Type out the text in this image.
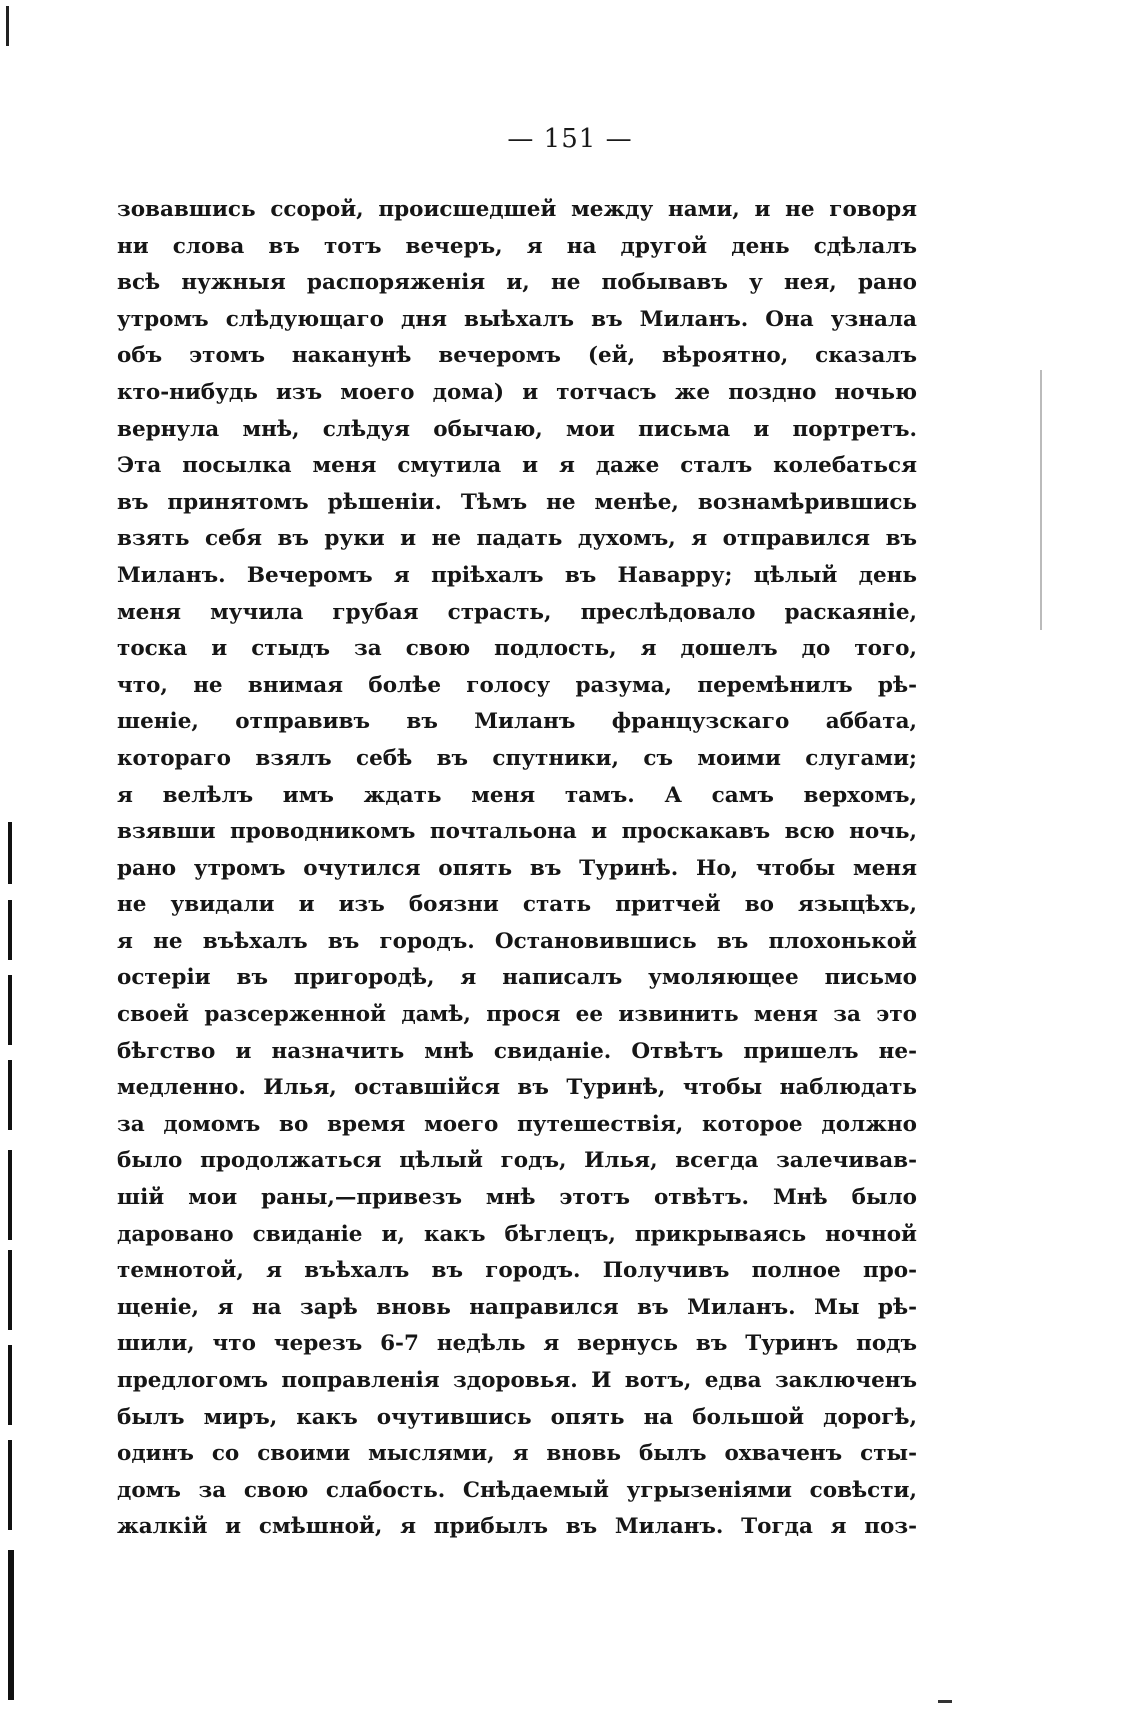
— 151 —
зовавшись ссорой, происшедшей между нами, и не говоря
ни слова въ тотъ вечеръ, я на другой день сдѣлалъ
всѣ нужныя распоряженія и, не побывавъ у нея, рано
утромъ слѣдующаго дня выѣхалъ въ Миланъ. Она узнала
объ этомъ наканунѣ вечеромъ (ей, вѣроятно, сказалъ
кто-нибудь изъ моего дома) и тотчасъ же поздно ночью
вернула мнѣ, слѣдуя обычаю, мои письма и портретъ.
Эта посылка меня смутила и я даже сталъ колебаться
въ принятомъ рѣшеніи. Тѣмъ не менѣе, вознамѣрившись
взять себя въ руки и не падать духомъ, я отправился въ
Миланъ. Вечеромъ я пріѣхалъ въ Наварру; цѣлый день
меня мучила грубая страсть, преслѣдовало раскаяніе,
тоска и стыдъ за свою подлость, я дошелъ до того,
что, не внимая болѣе голосу разума, перемѣнилъ рѣ-
шеніе, отправивъ въ Миланъ французскаго аббата,
котораго взялъ себѣ въ спутники, съ моими слугами;
я велѣлъ имъ ждать меня тамъ. А самъ верхомъ,
взявши проводникомъ почтальона и проскакавъ всю ночь,
рано утромъ очутился опять въ Туринѣ. Но, чтобы меня
не увидали и изъ боязни стать притчей во языцѣхъ,
я не въѣхалъ въ городъ. Остановившись въ плохонькой
остеріи въ пригородѣ, я написалъ умоляющее письмо
своей разсерженной дамѣ, прося ее извинить меня за это
бѣгство и назначить мнѣ свиданіе. Отвѣтъ пришелъ не-
медленно. Илья, оставшійся въ Туринѣ, чтобы наблюдать
за домомъ во время моего путешествія, которое должно
было продолжаться цѣлый годъ, Илья, всегда залечивав-
шій мои раны,—привезъ мнѣ этотъ отвѣтъ. Мнѣ было
даровано свиданіе и, какъ бѣглецъ, прикрываясь ночной
темнотой, я въѣхалъ въ городъ. Получивъ полное про-
щеніе, я на зарѣ вновь направился въ Миланъ. Мы рѣ-
шили, что черезъ 6-7 недѣль я вернусь въ Туринъ подъ
предлогомъ поправленія здоровья. И вотъ, едва заключенъ
былъ миръ, какъ очутившись опять на большой дорогѣ,
одинъ со своими мыслями, я вновь былъ охваченъ сты-
домъ за свою слабость. Снѣдаемый угрызеніями совѣсти,
жалкій и смѣшной, я прибылъ въ Миланъ. Тогда я поз-
